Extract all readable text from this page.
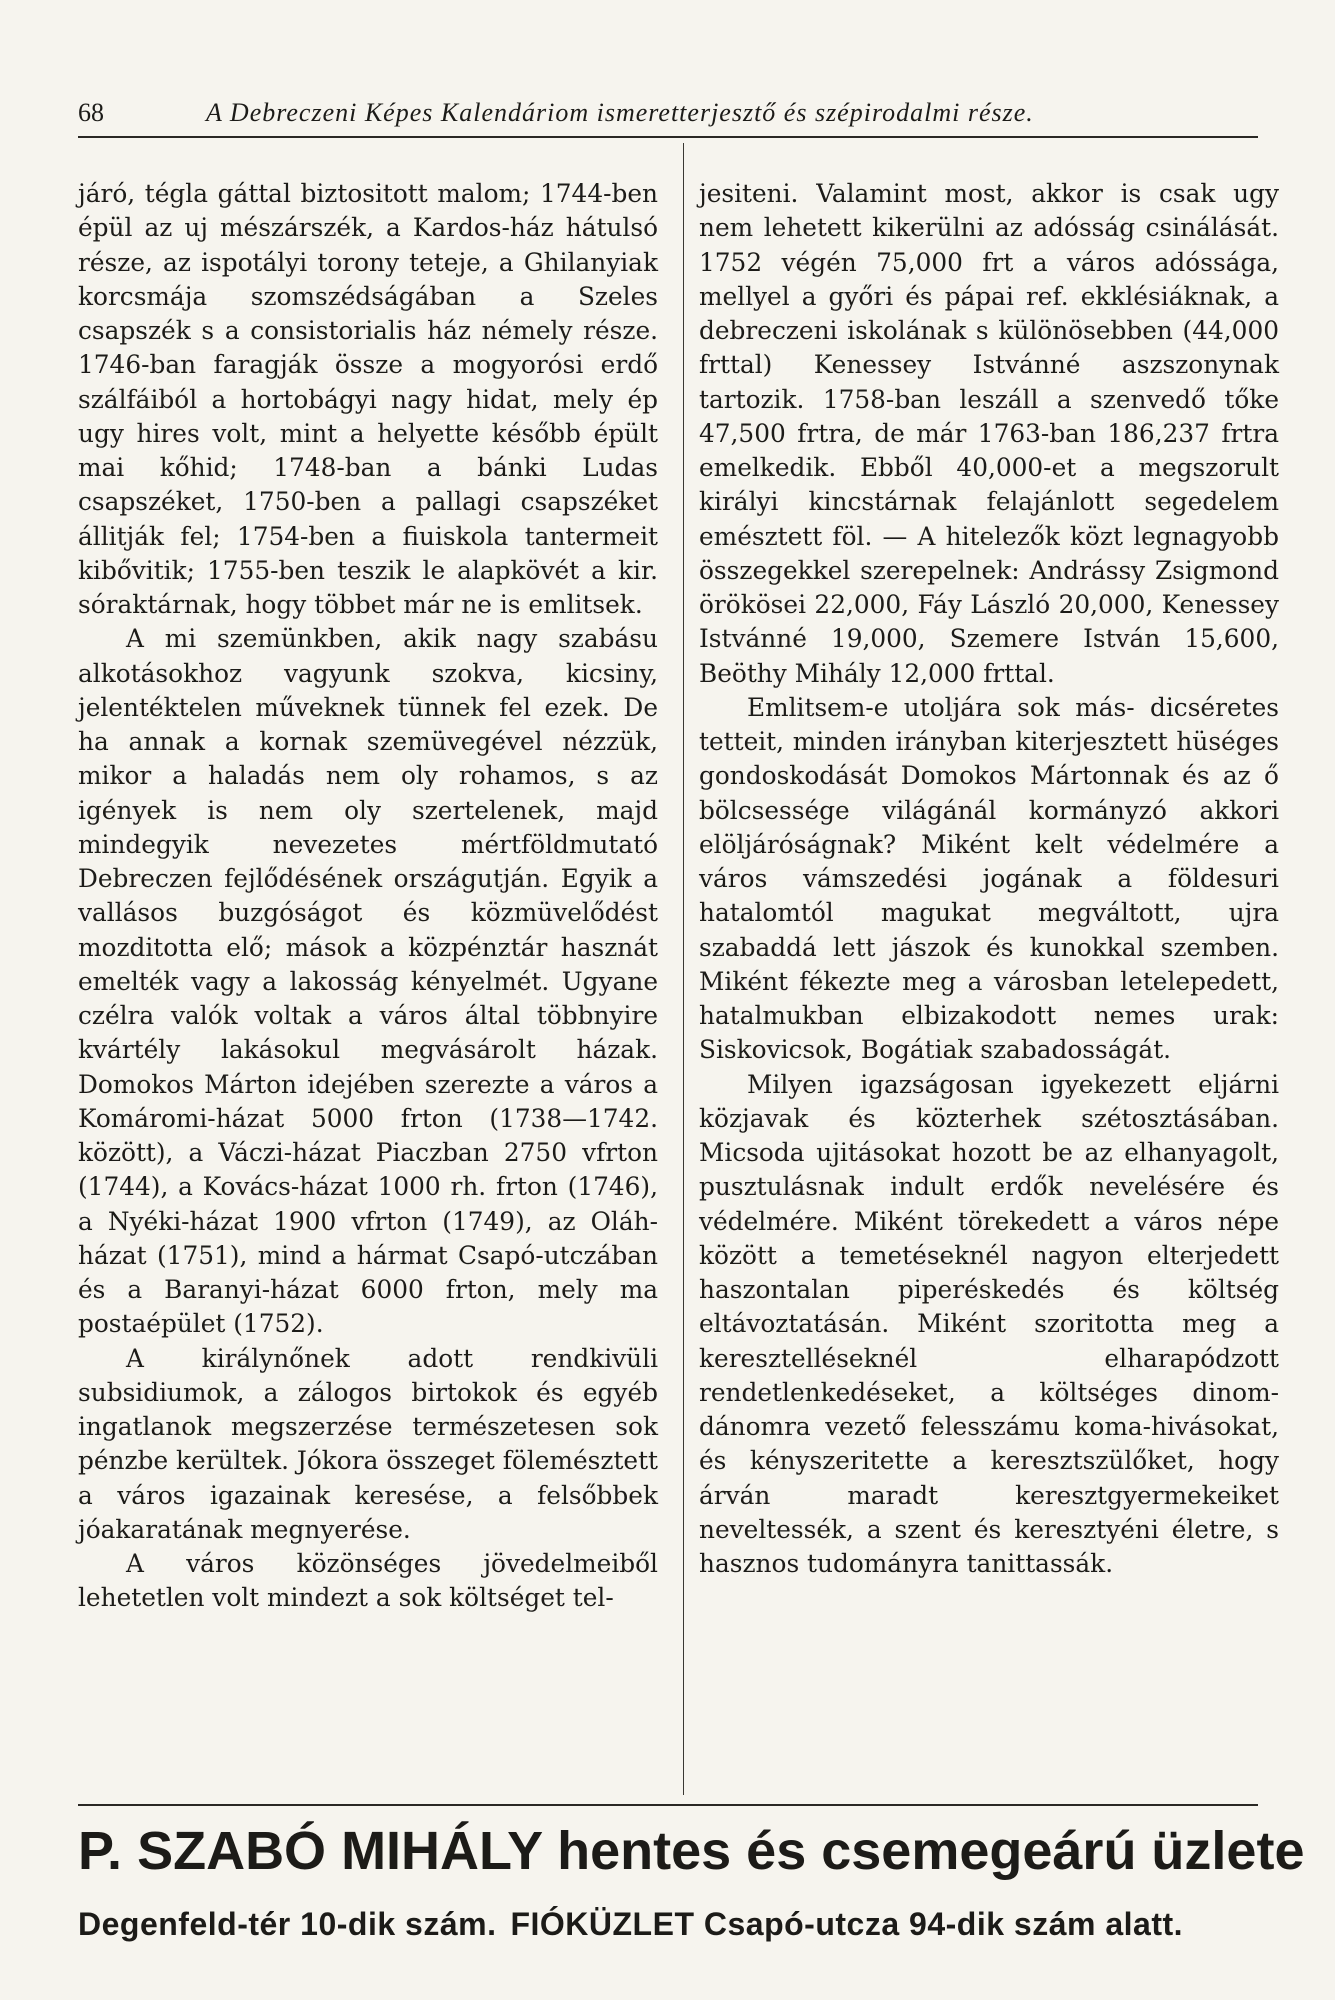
68	A Debreczeni Képes Kalendáriom ismeretterjesztő és szépirodalmi része.

járó, tégla gáttal biztositott malom; 1744-ben épül az uj mészárszék, a Kardos-ház hátulsó része, az ispotályi torony teteje, a Ghilanyiak korcsmája szomszédságában a Szeles csapszék s a consistorialis ház némely része. 1746-ban faragják össze a mogyorósi erdő szálfáiból a hortobágyi nagy hidat, mely ép ugy hires volt, mint a helyette később épült mai kőhid; 1748-ban a bánki Ludas csapszéket, 1750-ben a pallagi csapszéket állitják fel; 1754-ben a fiuiskola tantermeit kibővitik; 1755-ben teszik le alapkövét a kir. sóraktárnak, hogy többet már ne is emlitsek.

A mi szemünkben, akik nagy szabásu alkotásokhoz vagyunk szokva, kicsiny, jelentéktelen műveknek tünnek fel ezek. De ha annak a kornak szemüvegével nézzük, mikor a haladás nem oly rohamos, s az igények is nem oly szertelenek, majd mindegyik nevezetes mértföldmutató Debreczen fejlődésének országutján. Egyik a vallásos buzgóságot és közmüvelődést mozditotta elő; mások a közpénztár hasznát emelték vagy a lakosság kényelmét. Ugyane czélra valók voltak a város által többnyire kvártély lakásokul megvásárolt házak. Domokos Márton idejében szerezte a város a Komáromi-házat 5000 frton (1738—1742. között), a Váczi-házat Piaczban 2750 vfrton (1744), a Kovács-házat 1000 rh. frton (1746), a Nyéki-házat 1900 vfrton (1749), az Oláh-házat (1751), mind a hármat Csapó-utczában és a Baranyi-házat 6000 frton, mely ma postaépület (1752).

A királynőnek adott rendkivüli subsidiumok, a zálogos birtokok és egyéb ingatlanok megszerzése természetesen sok pénzbe kerültek. Jókora összeget fölemésztett a város igazainak keresése, a felsőbbek jóakaratának megnyerése.

A város közönséges jövedelmeiből lehetetlen volt mindezt a sok költséget tel-

jesiteni. Valamint most, akkor is csak ugy nem lehetett kikerülni az adósság csinálását. 1752 végén 75,000 frt a város adóssága, mellyel a győri és pápai ref. ekklésiáknak, a debreczeni iskolának s különösebben (44,000 frttal) Kenessey Istvánné aszszonynak tartozik. 1758-ban leszáll a szenvedő tőke 47,500 frtra, de már 1763-ban 186,237 frtra emelkedik. Ebből 40,000-et a megszorult királyi kincstárnak felajánlott segedelem emésztett föl. — A hitelezők közt legnagyobb összegekkel szerepelnek: Andrássy Zsigmond örökösei 22,000, Fáy László 20,000, Kenessey Istvánné 19,000, Szemere István 15,600, Beöthy Mihály 12,000 frttal.

Emlitsem-e utoljára sok más- dicséretes tetteit, minden irányban kiterjesztett hüséges gondoskodását Domokos Mártonnak és az ő bölcsessége világánál kormányzó akkori elöljáróságnak? Miként kelt védelmére a város vámszedési jogának a földesuri hatalomtól magukat megváltott, ujra szabaddá lett jászok és kunokkal szemben. Miként fékezte meg a városban letelepedett, hatalmukban elbizakodott nemes urak: Siskovicsok, Bogátiak szabadosságát.

Milyen igazságosan igyekezett eljárni közjavak és közterhek szétosztásában. Micsoda ujitásokat hozott be az elhanyagolt, pusztulásnak indult erdők nevelésére és védelmére. Miként törekedett a város népe között a temetéseknél nagyon elterjedett haszontalan piperéskedés és költség eltávoztatásán. Miként szoritotta meg a keresztelléseknél elharapódzott rendetlenkedéseket, a költséges dinom-dánomra vezető felesszámu koma-hivásokat, és kényszeritette a keresztszülőket, hogy árván maradt keresztgyermekeiket neveltessék, a szent és keresztyéni életre, s hasznos tudományra tanittassák.

P. SZABÓ MIHÁLY hentes és csemegeárú üzlete
Degenfeld-tér 10-dik szám. FIÓKÜZLET Csapó-utcza 94-dik szám alatt.
